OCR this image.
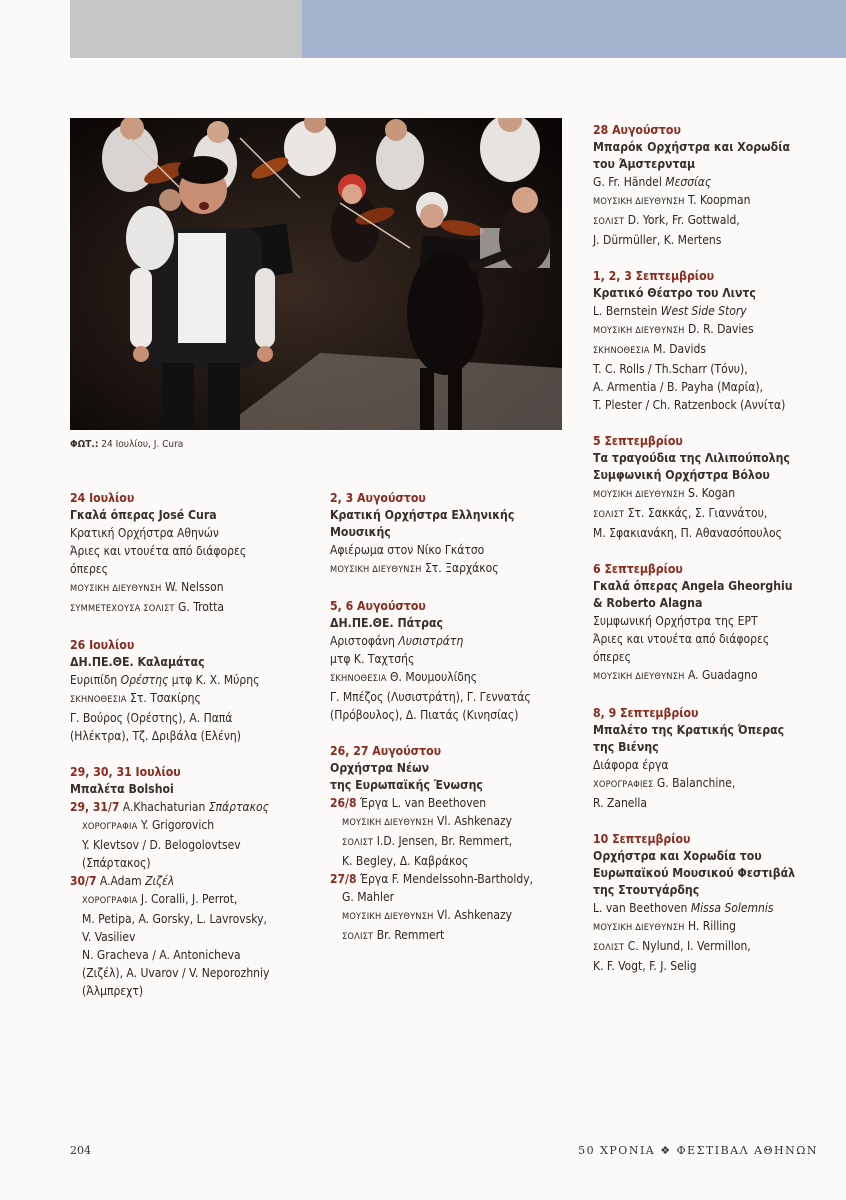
ΦΩΤ.: 24 Ιουλίου, J. Cura

24 Ιουλίου

Γκαλά όπερας José Cura

Κρατική Ορχήστρα Αθηνών

Άριες και ντουέτα από διάφορες

όπερες

ΜΟΥΣΙΚΗ ΔΙΕΥΘΥΝΣΗ W. Nelsson

ΣΥΜΜΕΤΕΧΟΥΣΑ ΣΟΛΙΣΤ G. Trotta

26 Ιουλίου

ΔΗ.ΠΕ.ΘΕ. Καλαμάτας

Ευριπίδη Ορέστης μτφ Κ. Χ. Μύρης

ΣΚΗΝΟΘΕΣΙΑ Στ. Τσακίρης

Γ. Βούρος (Ορέστης), Α. Παπά

(Ηλέκτρα), Τζ. Δριβάλα (Ελένη)

29, 30, 31 Ιουλίου

Μπαλέτα Bolshoi

29, 31/7 A.Khachaturian Σπάρτακος

ΧΟΡΟΓΡΑΦΙΑ Y. Grigorovich

Y. Klevtsov / D. Belogolovtsev

(Σπάρτακος)

30/7 A.Adam Ζιζέλ

ΧΟΡΟΓΡΑΦΙΑ J. Coralli, J. Perrot,

M. Petipa, A. Gorsky, L. Lavrovsky,

V. Vasiliev

N. Gracheva / A. Antonicheva

(Ζιζέλ), A. Uvarov / V. Neporozhniy

(Άλμπρεχτ)

2, 3 Αυγούστου

Κρατική Ορχήστρα Ελληνικής

Μουσικής

Αφιέρωμα στον Νίκο Γκάτσο

ΜΟΥΣΙΚΗ ΔΙΕΥΘΥΝΣΗ Στ. Ξαρχάκος

5, 6 Αυγούστου

ΔΗ.ΠΕ.ΘΕ. Πάτρας

Αριστοφάνη Λυσιστράτη

μτφ Κ. Ταχτσής

ΣΚΗΝΟΘΕΣΙΑ Θ. Μουμουλίδης

Γ. Μπέζος (Λυσιστράτη), Γ. Γεννατάς

(Πρόβουλος), Δ. Πιατάς (Κινησίας)

26, 27 Αυγούστου

Ορχήστρα Νέων

της Ευρωπαϊκής Ένωσης

26/8 Έργα L. van Beethoven

ΜΟΥΣΙΚΗ ΔΙΕΥΘΥΝΣΗ Vl. Ashkenazy

ΣΟΛΙΣΤ I.D. Jensen, Br. Remmert,

K. Begley, Δ. Καβράκος

27/8 Έργα F. Mendelssohn-Bartholdy,

G. Mahler

ΜΟΥΣΙΚΗ ΔΙΕΥΘΥΝΣΗ Vl. Ashkenazy

ΣΟΛΙΣΤ Br. Remmert

28 Αυγούστου

Μπαρόκ Ορχήστρα και Χορωδία

του Άμστερνταμ

G. Fr. Händel Μεσσίας

ΜΟΥΣΙΚΗ ΔΙΕΥΘΥΝΣΗ T. Koopman

ΣΟΛΙΣΤ D. York, Fr. Gottwald,

J. Dürmüller, K. Mertens

1, 2, 3 Σεπτεμβρίου

Κρατικό Θέατρο του Λιντς

L. Bernstein West Side Story

ΜΟΥΣΙΚΗ ΔΙΕΥΘΥΝΣΗ D. R. Davies

ΣΚΗΝΟΘΕΣΙΑ M. Davids

T. C. Rolls / Th.Scharr (Τόνυ),

A. Armentia / B. Payha (Μαρία),

T. Plester / Ch. Ratzenbock (Αννίτα)

5 Σεπτεμβρίου

Τα τραγούδια της Λιλιπούπολης

Συμφωνική Ορχήστρα Βόλου

ΜΟΥΣΙΚΗ ΔΙΕΥΘΥΝΣΗ S. Kogan

ΣΟΛΙΣΤ Στ. Σακκάς, Σ. Γιαννάτου,

Μ. Σφακιανάκη, Π. Αθανασόπουλος

6 Σεπτεμβρίου

Γκαλά όπερας Angela Gheorghiu

& Roberto Alagna

Συμφωνική Ορχήστρα της ΕΡΤ

Άριες και ντουέτα από διάφορες

όπερες

ΜΟΥΣΙΚΗ ΔΙΕΥΘΥΝΣΗ A. Guadagno

8, 9 Σεπτεμβρίου

Μπαλέτο της Κρατικής Όπερας

της Βιένης

Διάφορα έργα

ΧΟΡΟΓΡΑΦΙΕΣ G. Balanchine,

R. Zanella

10 Σεπτεμβρίου

Ορχήστρα και Χορωδία του

Ευρωπαϊκού Μουσικού Φεστιβάλ

της Στουτγάρδης

L. van Beethoven Missa Solemnis

ΜΟΥΣΙΚΗ ΔΙΕΥΘΥΝΣΗ H. Rilling

ΣΟΛΙΣΤ C. Nylund, I. Vermillon,

K. F. Vogt, F. J. Selig

204	50 ΧΡΟΝΙΑ ❖ ΦΕΣΤΙΒΑΛ ΑΘΗΝΩΝ
